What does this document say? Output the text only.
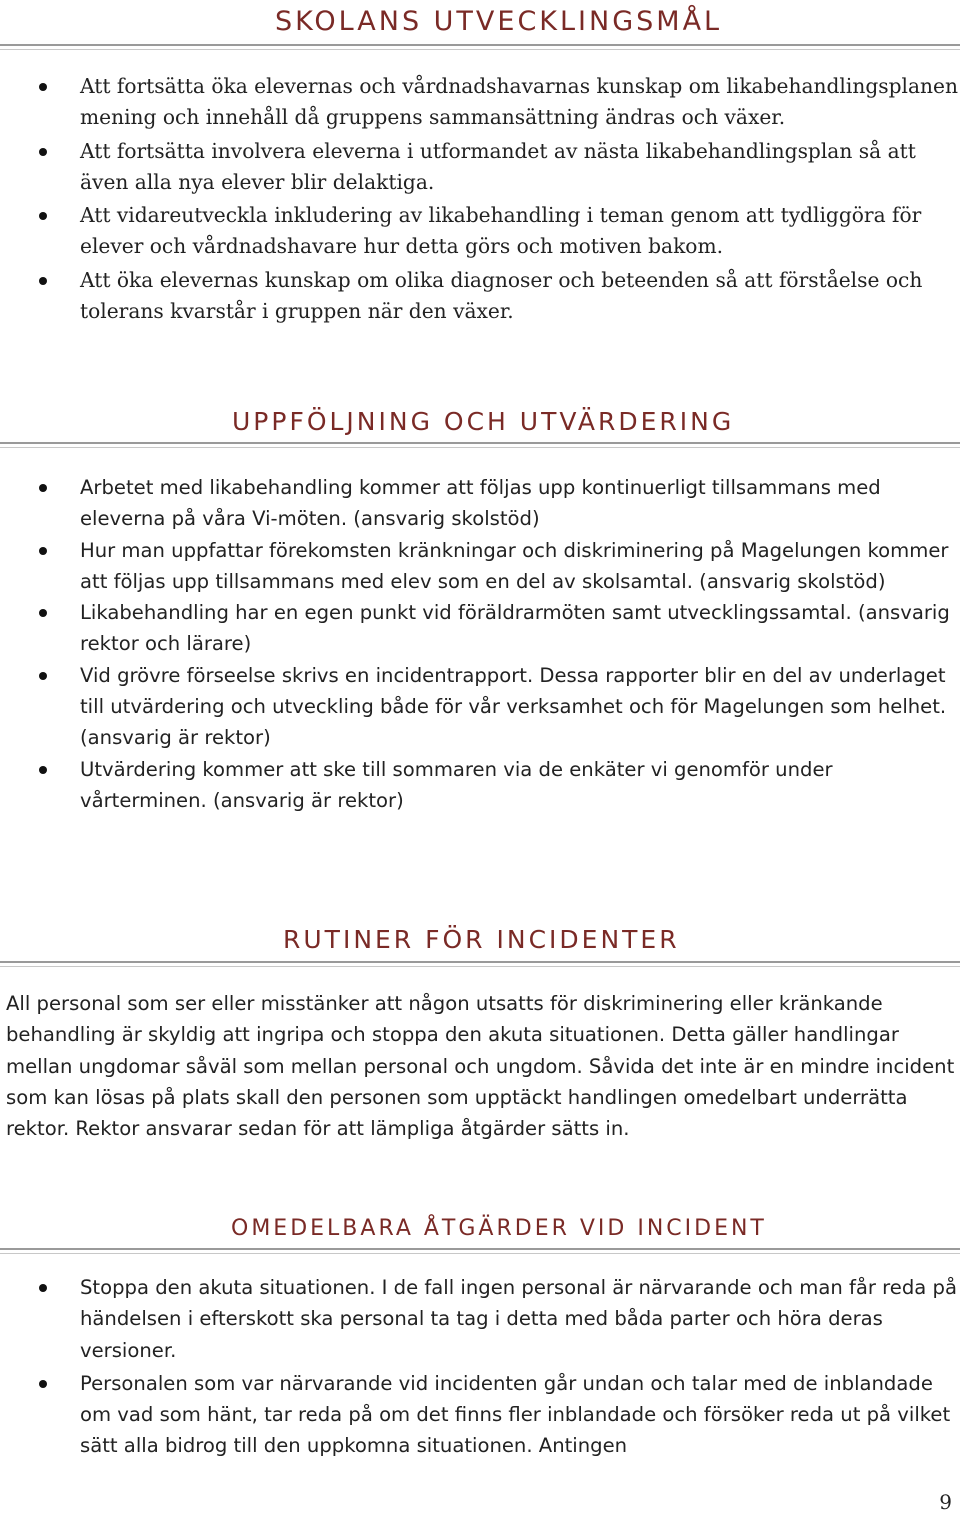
SKOLANS UTVECKLINGSMÅL
Att fortsätta öka elevernas och vårdnadshavarnas kunskap om likabehandlingsplanen mening och innehåll då gruppens sammansättning ändras och växer.
Att fortsätta involvera eleverna i utformandet av nästa likabehandlingsplan så att även alla nya elever blir delaktiga.
Att vidareutveckla inkludering av likabehandling i teman genom att tydliggöra för elever och vårdnadshavare hur detta görs och motiven bakom.
Att öka elevernas kunskap om olika diagnoser och beteenden så att förståelse och tolerans kvarstår i gruppen när den växer.
UPPFÖLJNING OCH UTVÄRDERING
Arbetet med likabehandling kommer att följas upp kontinuerligt tillsammans med eleverna på våra Vi-möten. (ansvarig skolstöd)
Hur man uppfattar förekomsten kränkningar och diskriminering på Magelungen kommer att följas upp tillsammans med elev som en del av skolsamtal. (ansvarig skolstöd)
Likabehandling har en egen punkt vid föräldrarmöten samt utvecklingssamtal. (ansvarig rektor och lärare)
Vid grövre förseelse skrivs en incidentrapport. Dessa rapporter blir en del av underlaget till utvärdering och utveckling både för vår verksamhet och för Magelungen som helhet. (ansvarig är rektor)
Utvärdering kommer att ske till sommaren via de enkäter vi genomför under vårterminen. (ansvarig är rektor)
RUTINER FÖR INCIDENTER

All personal som ser eller misstänker att någon utsatts för diskriminering eller kränkande behandling är skyldig att ingripa och stoppa den akuta situationen. Detta gäller handlingar mellan ungdomar såväl som mellan personal och ungdom. Såvida det inte är en mindre incident som kan lösas på plats skall den personen som upptäckt handlingen omedelbart underrätta rektor. Rektor ansvarar sedan för att lämpliga åtgärder sätts in.

OMEDELBARA ÅTGÄRDER VID INCIDENT
Stoppa den akuta situationen. I de fall ingen personal är närvarande och man får reda på händelsen i efterskott ska personal ta tag i detta med båda parter och höra deras versioner.
Personalen som var närvarande vid incidenten går undan och talar med de inblandade om vad som hänt, tar reda på om det finns fler inblandade och försöker reda ut på vilket sätt alla bidrog till den uppkomna situationen. Antingen
9
